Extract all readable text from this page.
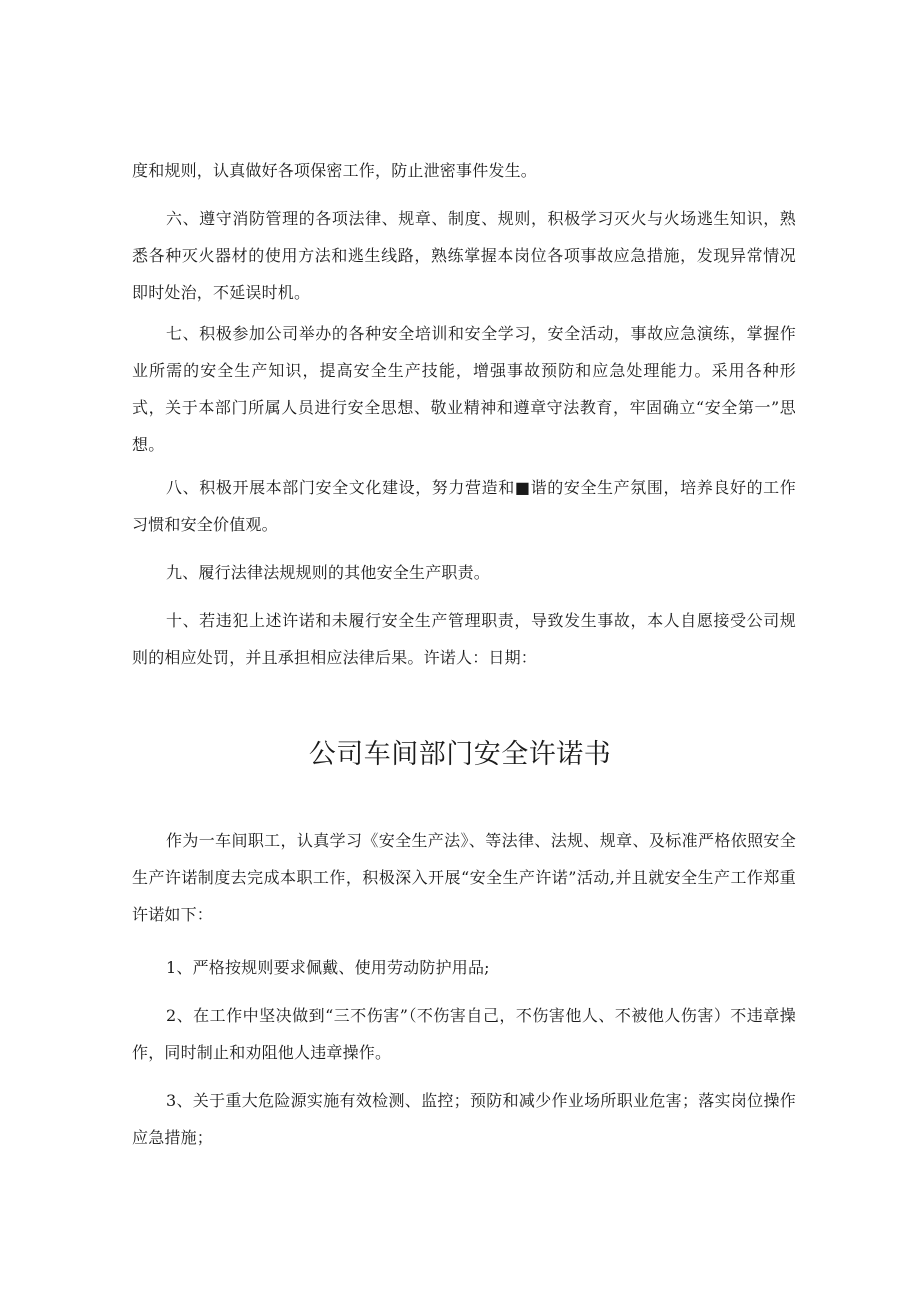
度和规则，认真做好各项保密工作，防止泄密事件发生。

六、遵守消防管理的各项法律、规章、制度、规则，积极学习灭火与火场逃生知识，熟悉各种灭火器材的使用方法和逃生线路，熟练掌握本岗位各项事故应急措施，发现异常情况即时处治，不延误时机。

七、积极参加公司举办的各种安全培训和安全学习，安全活动，事故应急演练，掌握作业所需的安全生产知识，提高安全生产技能，增强事故预防和应急处理能力。采用各种形式，关于本部门所属人员进行安全思想、敬业精神和遵章守法教育，牢固确立“安全第一”思想。

八、积极开展本部门安全文化建设，努力营造和■谐的安全生产氛围，培养良好的工作习惯和安全价值观。

九、履行法律法规规则的其他安全生产职责。

十、若违犯上述许诺和未履行安全生产管理职责，导致发生事故，本人自愿接受公司规则的相应处罚，并且承担相应法律后果。许诺人：日期：

公司车间部门安全许诺书

作为一车间职工，认真学习《安全生产法》、等法律、法规、规章、及标准严格依照安全生产许诺制度去完成本职工作，积极深入开展“安全生产许诺”活动,并且就安全生产工作郑重许诺如下：

1、严格按规则要求佩戴、使用劳动防护用品;

2、在工作中坚决做到“三不伤害”（不伤害自己，不伤害他人、不被他人伤害）不违章操作，同时制止和劝阻他人违章操作。

3、关于重大危险源实施有效检测、监控；预防和减少作业场所职业危害；落实岗位操作应急措施；
